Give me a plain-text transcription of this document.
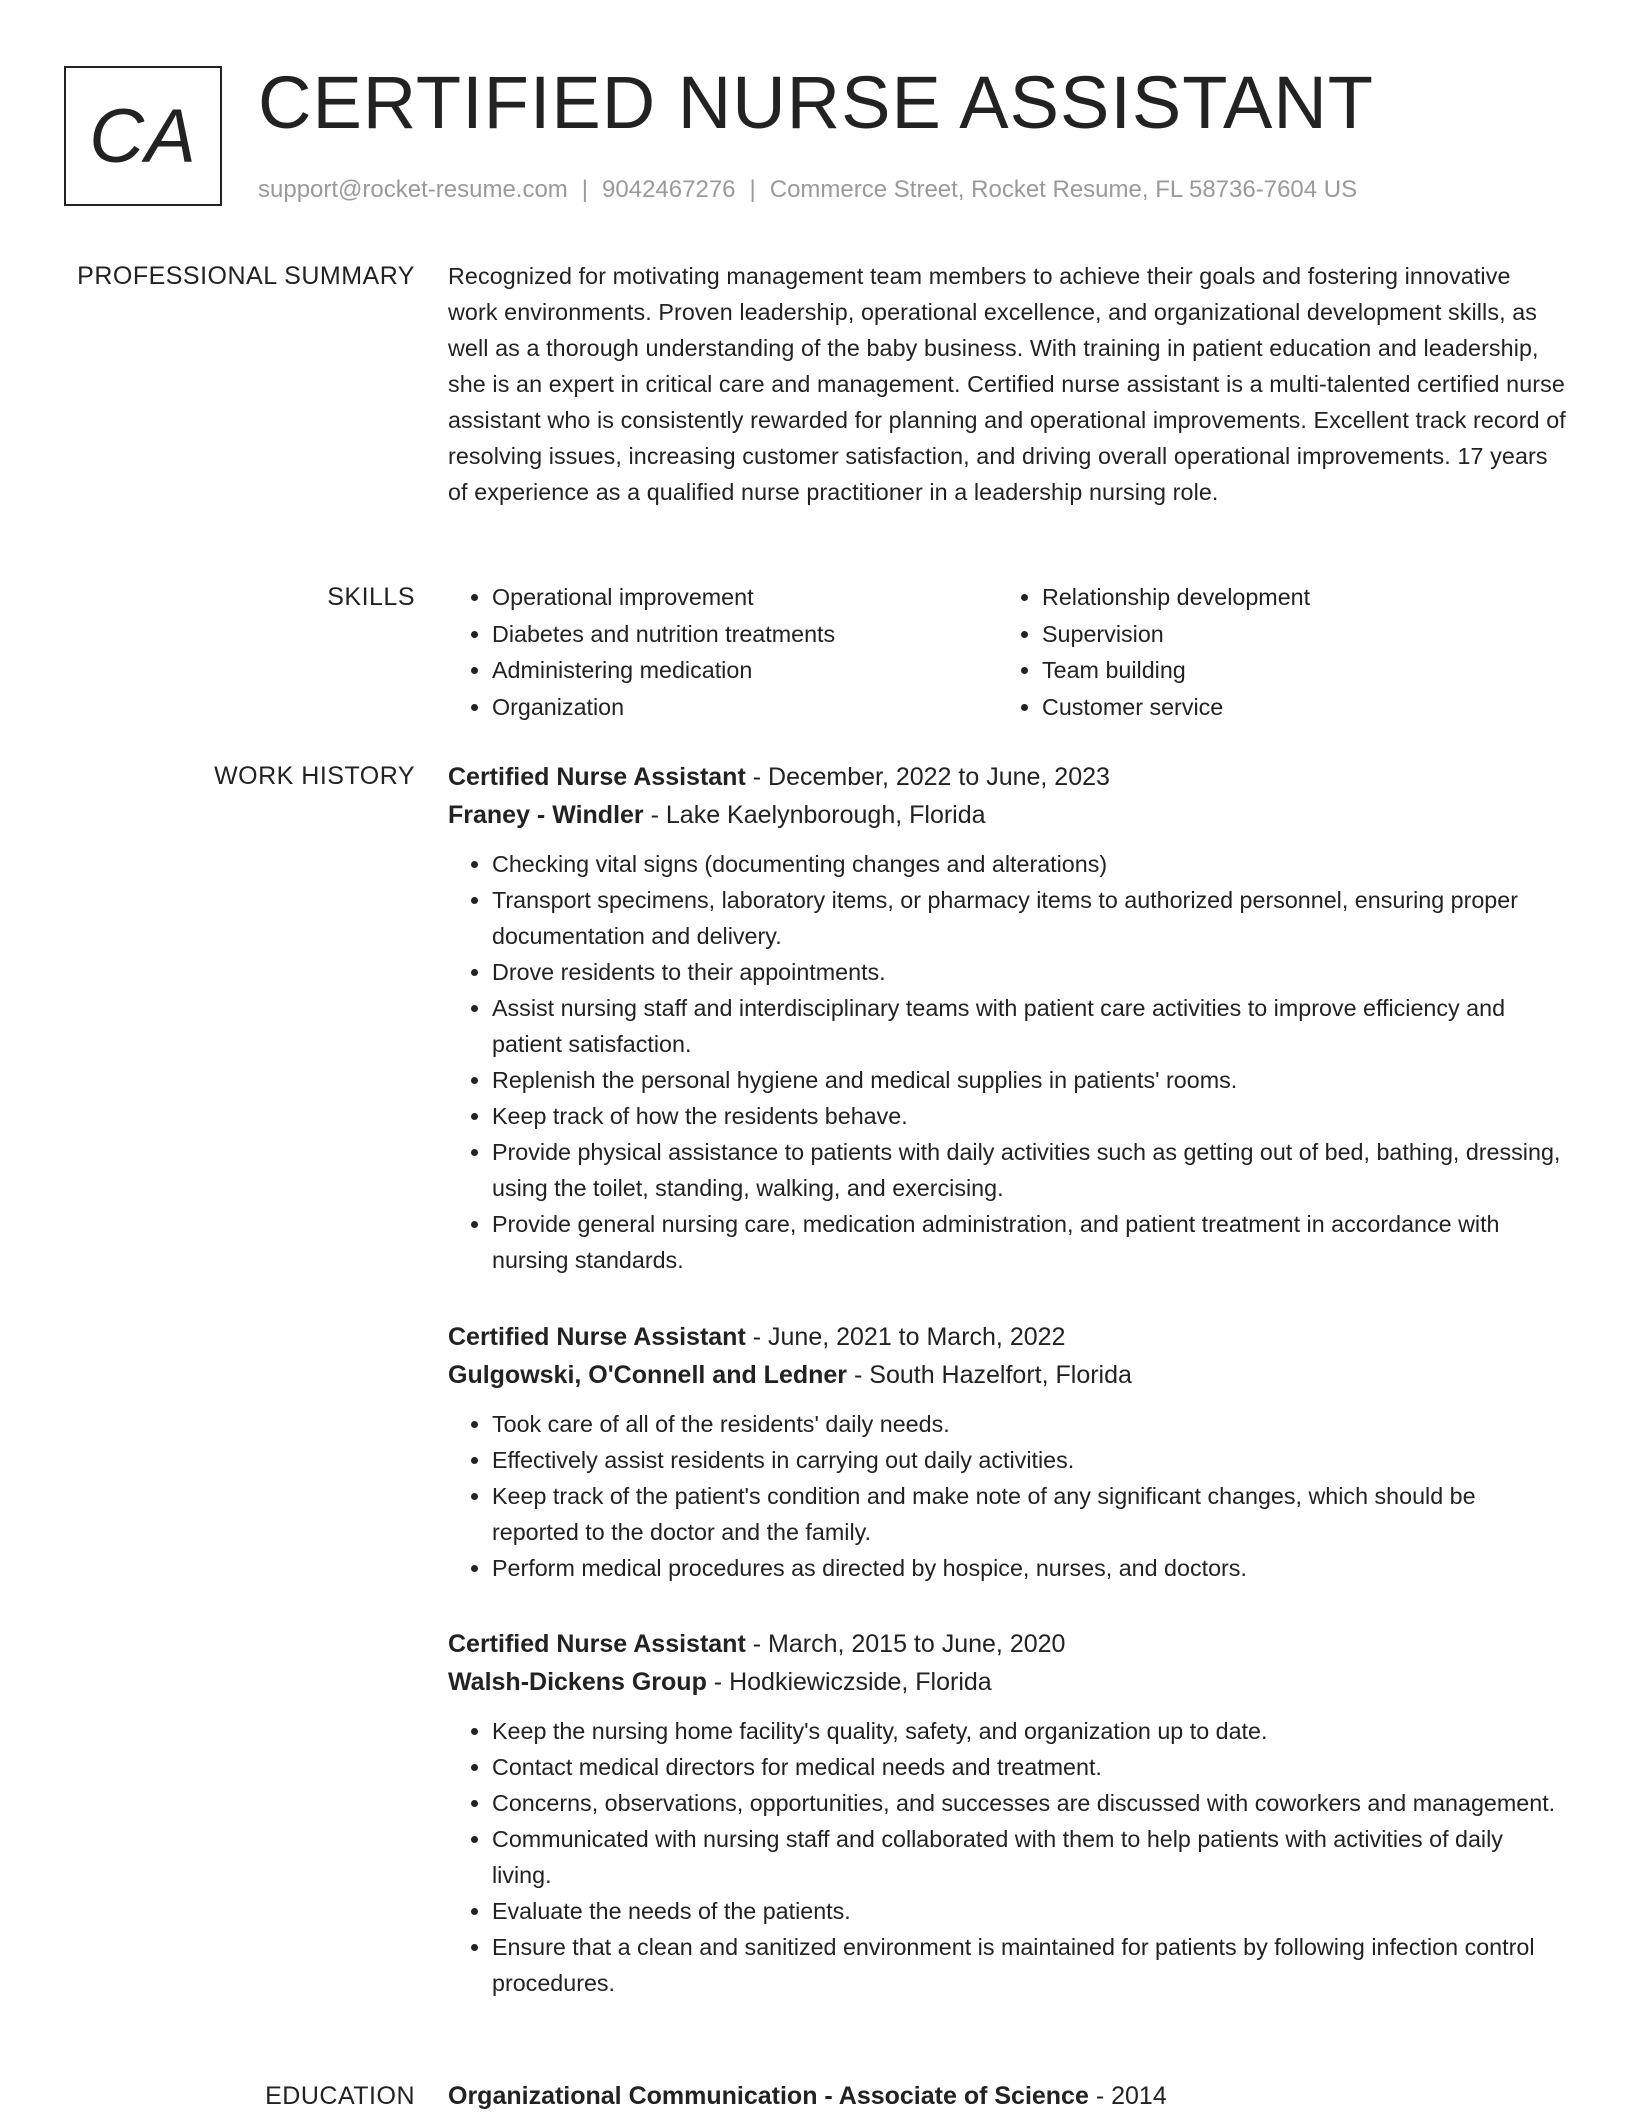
CA CERTIFIED NURSE ASSISTANT
support@rocket-resume.com | 9042467276 | Commerce Street, Rocket Resume, FL 58736-7604 US
PROFESSIONAL SUMMARY Recognized for motivating management team members to achieve their goals and fostering innovative work environments. Proven leadership, operational excellence, and organizational development skills, as well as a thorough understanding of the baby business. With training in patient education and leadership, she is an expert in critical care and management. Certified nurse assistant is a multi-talented certified nurse assistant who is consistently rewarded for planning and operational improvements. Excellent track record of resolving issues, increasing customer satisfaction, and driving overall operational improvements. 17 years of experience as a qualified nurse practitioner in a leadership nursing role.

SKILLS
•	Operational improvement
• Diabetes and nutrition treatments
• Administering medication
• Organization
• Relationship development
• Supervision
• Team building
• Customer service
WORK HISTORY Certified Nurse Assistant - December, 2022 to June, 2023
Franey - Windler - Lake Kaelynborough, Florida
• Checking vital signs (documenting changes and alterations)
• Transport specimens, laboratory items, or pharmacy items to authorized personnel, ensuring proper documentation and delivery.
• Drove residents to their appointments.
• Assist nursing staff and interdisciplinary teams with patient care activities to improve efficiency and patient satisfaction.
• Replenish the personal hygiene and medical supplies in patients' rooms.
• Keep track of how the residents behave.
• Provide physical assistance to patients with daily activities such as getting out of bed, bathing, dressing, using the toilet, standing, walking, and exercising.
• Provide general nursing care, medication administration, and patient treatment in accordance with nursing standards.
Certified Nurse Assistant - June, 2021 to March, 2022
Gulgowski, O'Connell and Ledner - South Hazelfort, Florida
• Took care of all of the residents' daily needs.
• Effectively assist residents in carrying out daily activities.
• Keep track of the patient's condition and make note of any significant changes, which should be reported to the doctor and the family.
• Perform medical procedures as directed by hospice, nurses, and doctors.
Certified Nurse Assistant - March, 2015 to June, 2020
Walsh-Dickens Group - Hodkiewiczside, Florida
• Keep the nursing home facility's quality, safety, and organization up to date.
• Contact medical directors for medical needs and treatment.
• Concerns, observations, opportunities, and successes are discussed with coworkers and management.
• Communicated with nursing staff and collaborated with them to help patients with activities of daily living.
• Evaluate the needs of the patients.
• Ensure that a clean and sanitized environment is maintained for patients by following infection control procedures.
EDUCATION Organizational Communication - Associate of Science - 2014
